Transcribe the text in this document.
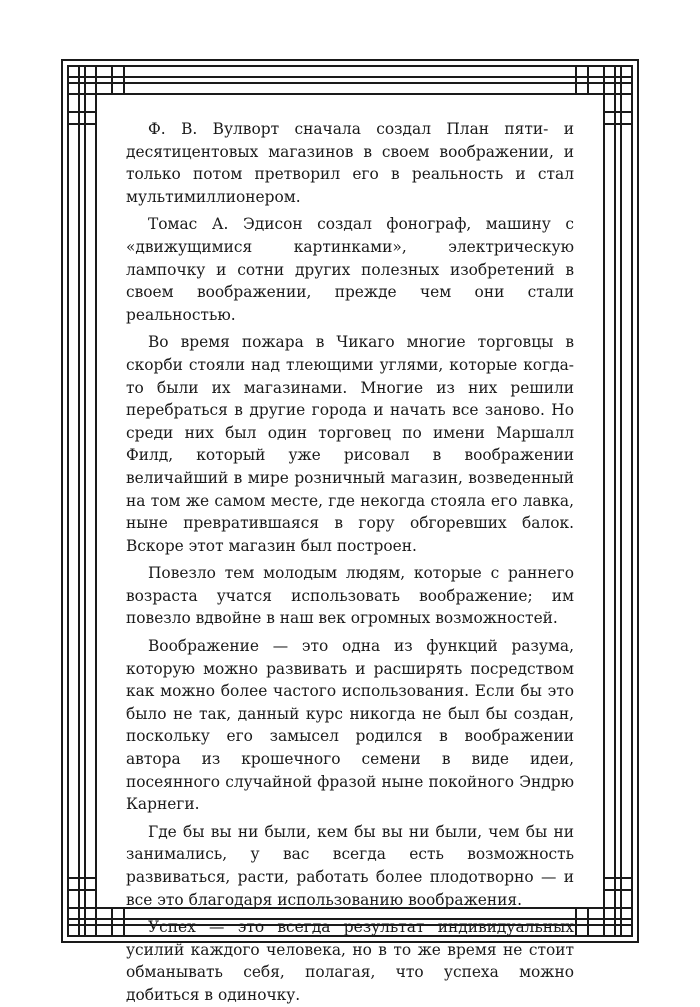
Ф. В. Вулворт сначала создал План пяти- и десятицентовых магазинов в своем воображении, и только потом претворил его в реальность и стал мультимиллионером.

Томас А. Эдисон создал фонограф, машину с «движущимися картинками», электрическую лампочку и сотни других полезных изобретений в своем воображении, прежде чем они стали реальностью.

Во время пожара в Чикаго многие торговцы в скорби стояли над тлеющими углями, которые когда-то были их магазинами. Многие из них решили перебраться в другие города и начать все заново. Но среди них был один торговец по имени Маршалл Филд, который уже рисовал в воображении величайший в мире розничный магазин, возведенный на том же самом месте, где некогда стояла его лавка, ныне превратившаяся в гору обгоревших балок. Вскоре этот магазин был построен.

Повезло тем молодым людям, которые с раннего возраста учатся использовать воображение; им повезло вдвойне в наш век огромных возможностей.

Воображение — это одна из функций разума, которую можно развивать и расширять посредством как можно более частого использования. Если бы это было не так, данный курс никогда не был бы создан, поскольку его замысел родился в воображении автора из крошечного семени в виде идеи, посеянного случайной фразой ныне покойного Эндрю Карнеги.

Где бы вы ни были, кем бы вы ни были, чем бы ни занимались, у вас всегда есть возможность развиваться, расти, работать более плодотворно — и все это благодаря использованию воображения.

Успех — это всегда результат индивидуальных усилий каждого человека, но в то же время не стоит обманывать себя, полагая, что успеха можно добиться в одиночку.
